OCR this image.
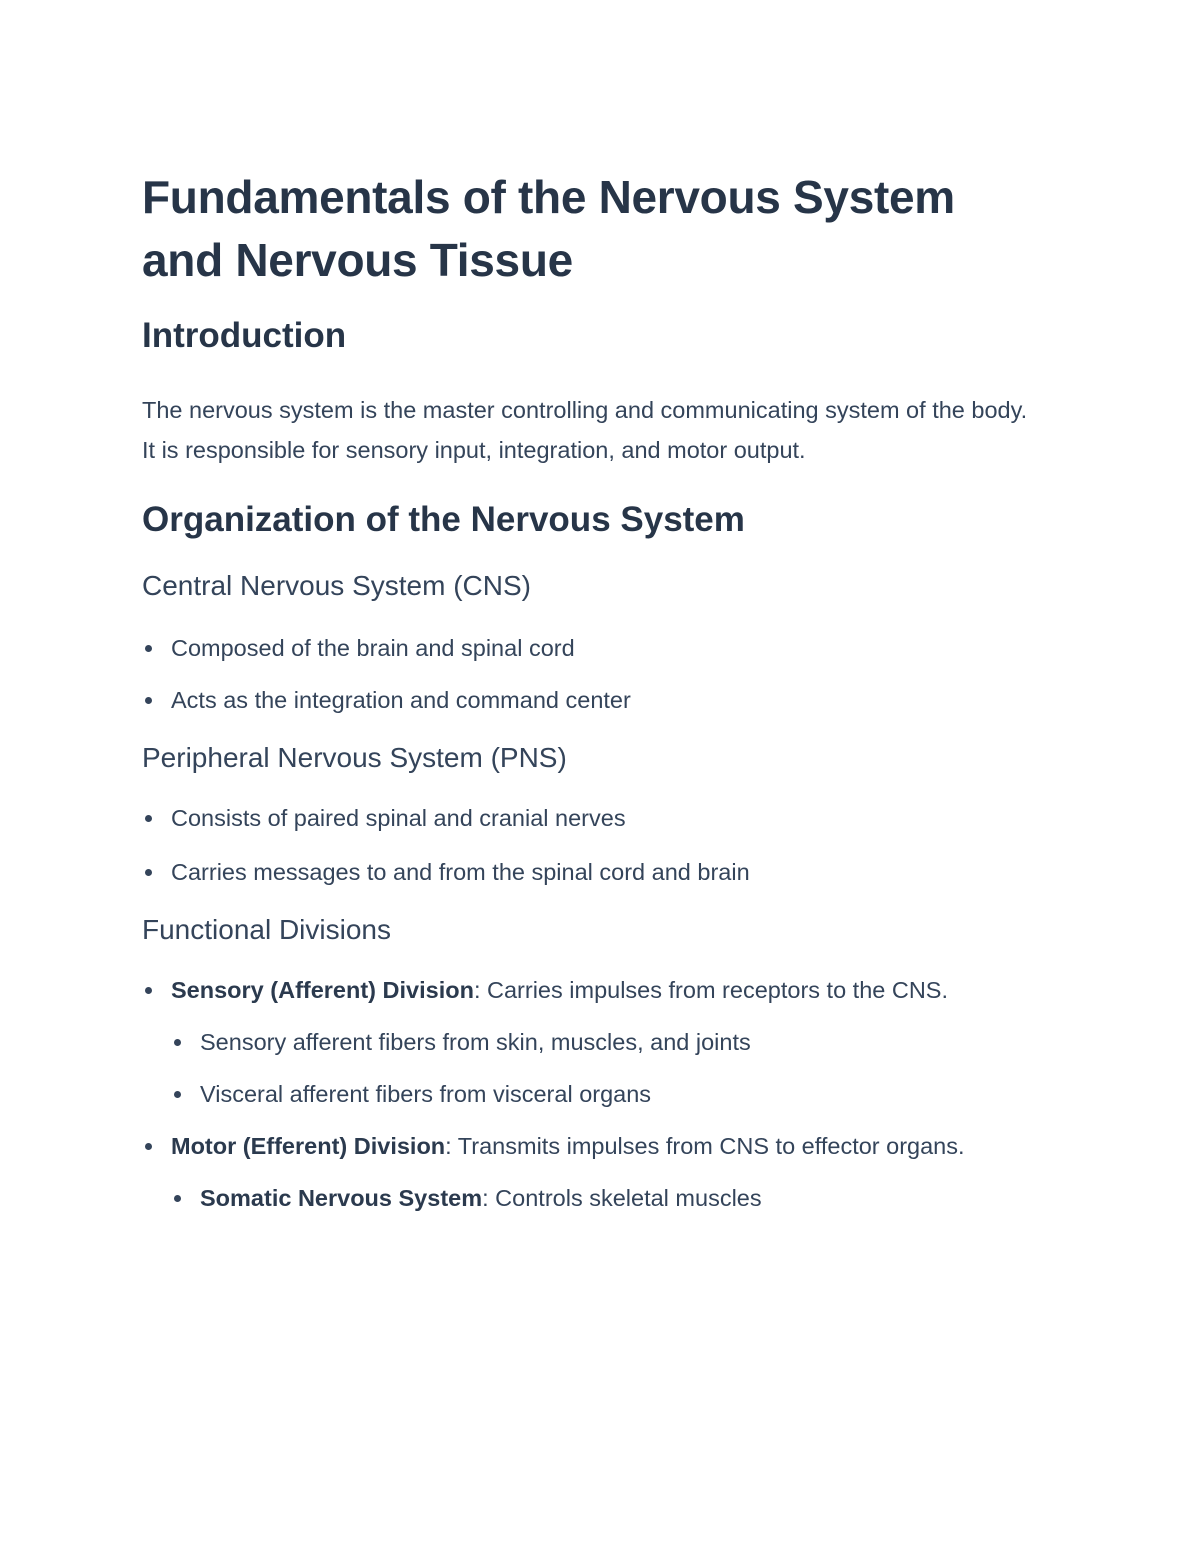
Fundamentals of the Nervous System and Nervous Tissue
Introduction

The nervous system is the master controlling and communicating system of the body. It is responsible for sensory input, integration, and motor output.

Organization of the Nervous System
Central Nervous System (CNS)
Composed of the brain and spinal cord
Acts as the integration and command center
Peripheral Nervous System (PNS)
Consists of paired spinal and cranial nerves
Carries messages to and from the spinal cord and brain
Functional Divisions
Sensory (Afferent) Division: Carries impulses from receptors to the CNS.
Sensory afferent fibers from skin, muscles, and joints
Visceral afferent fibers from visceral organs
Motor (Efferent) Division: Transmits impulses from CNS to effector organs.
Somatic Nervous System: Controls skeletal muscles
